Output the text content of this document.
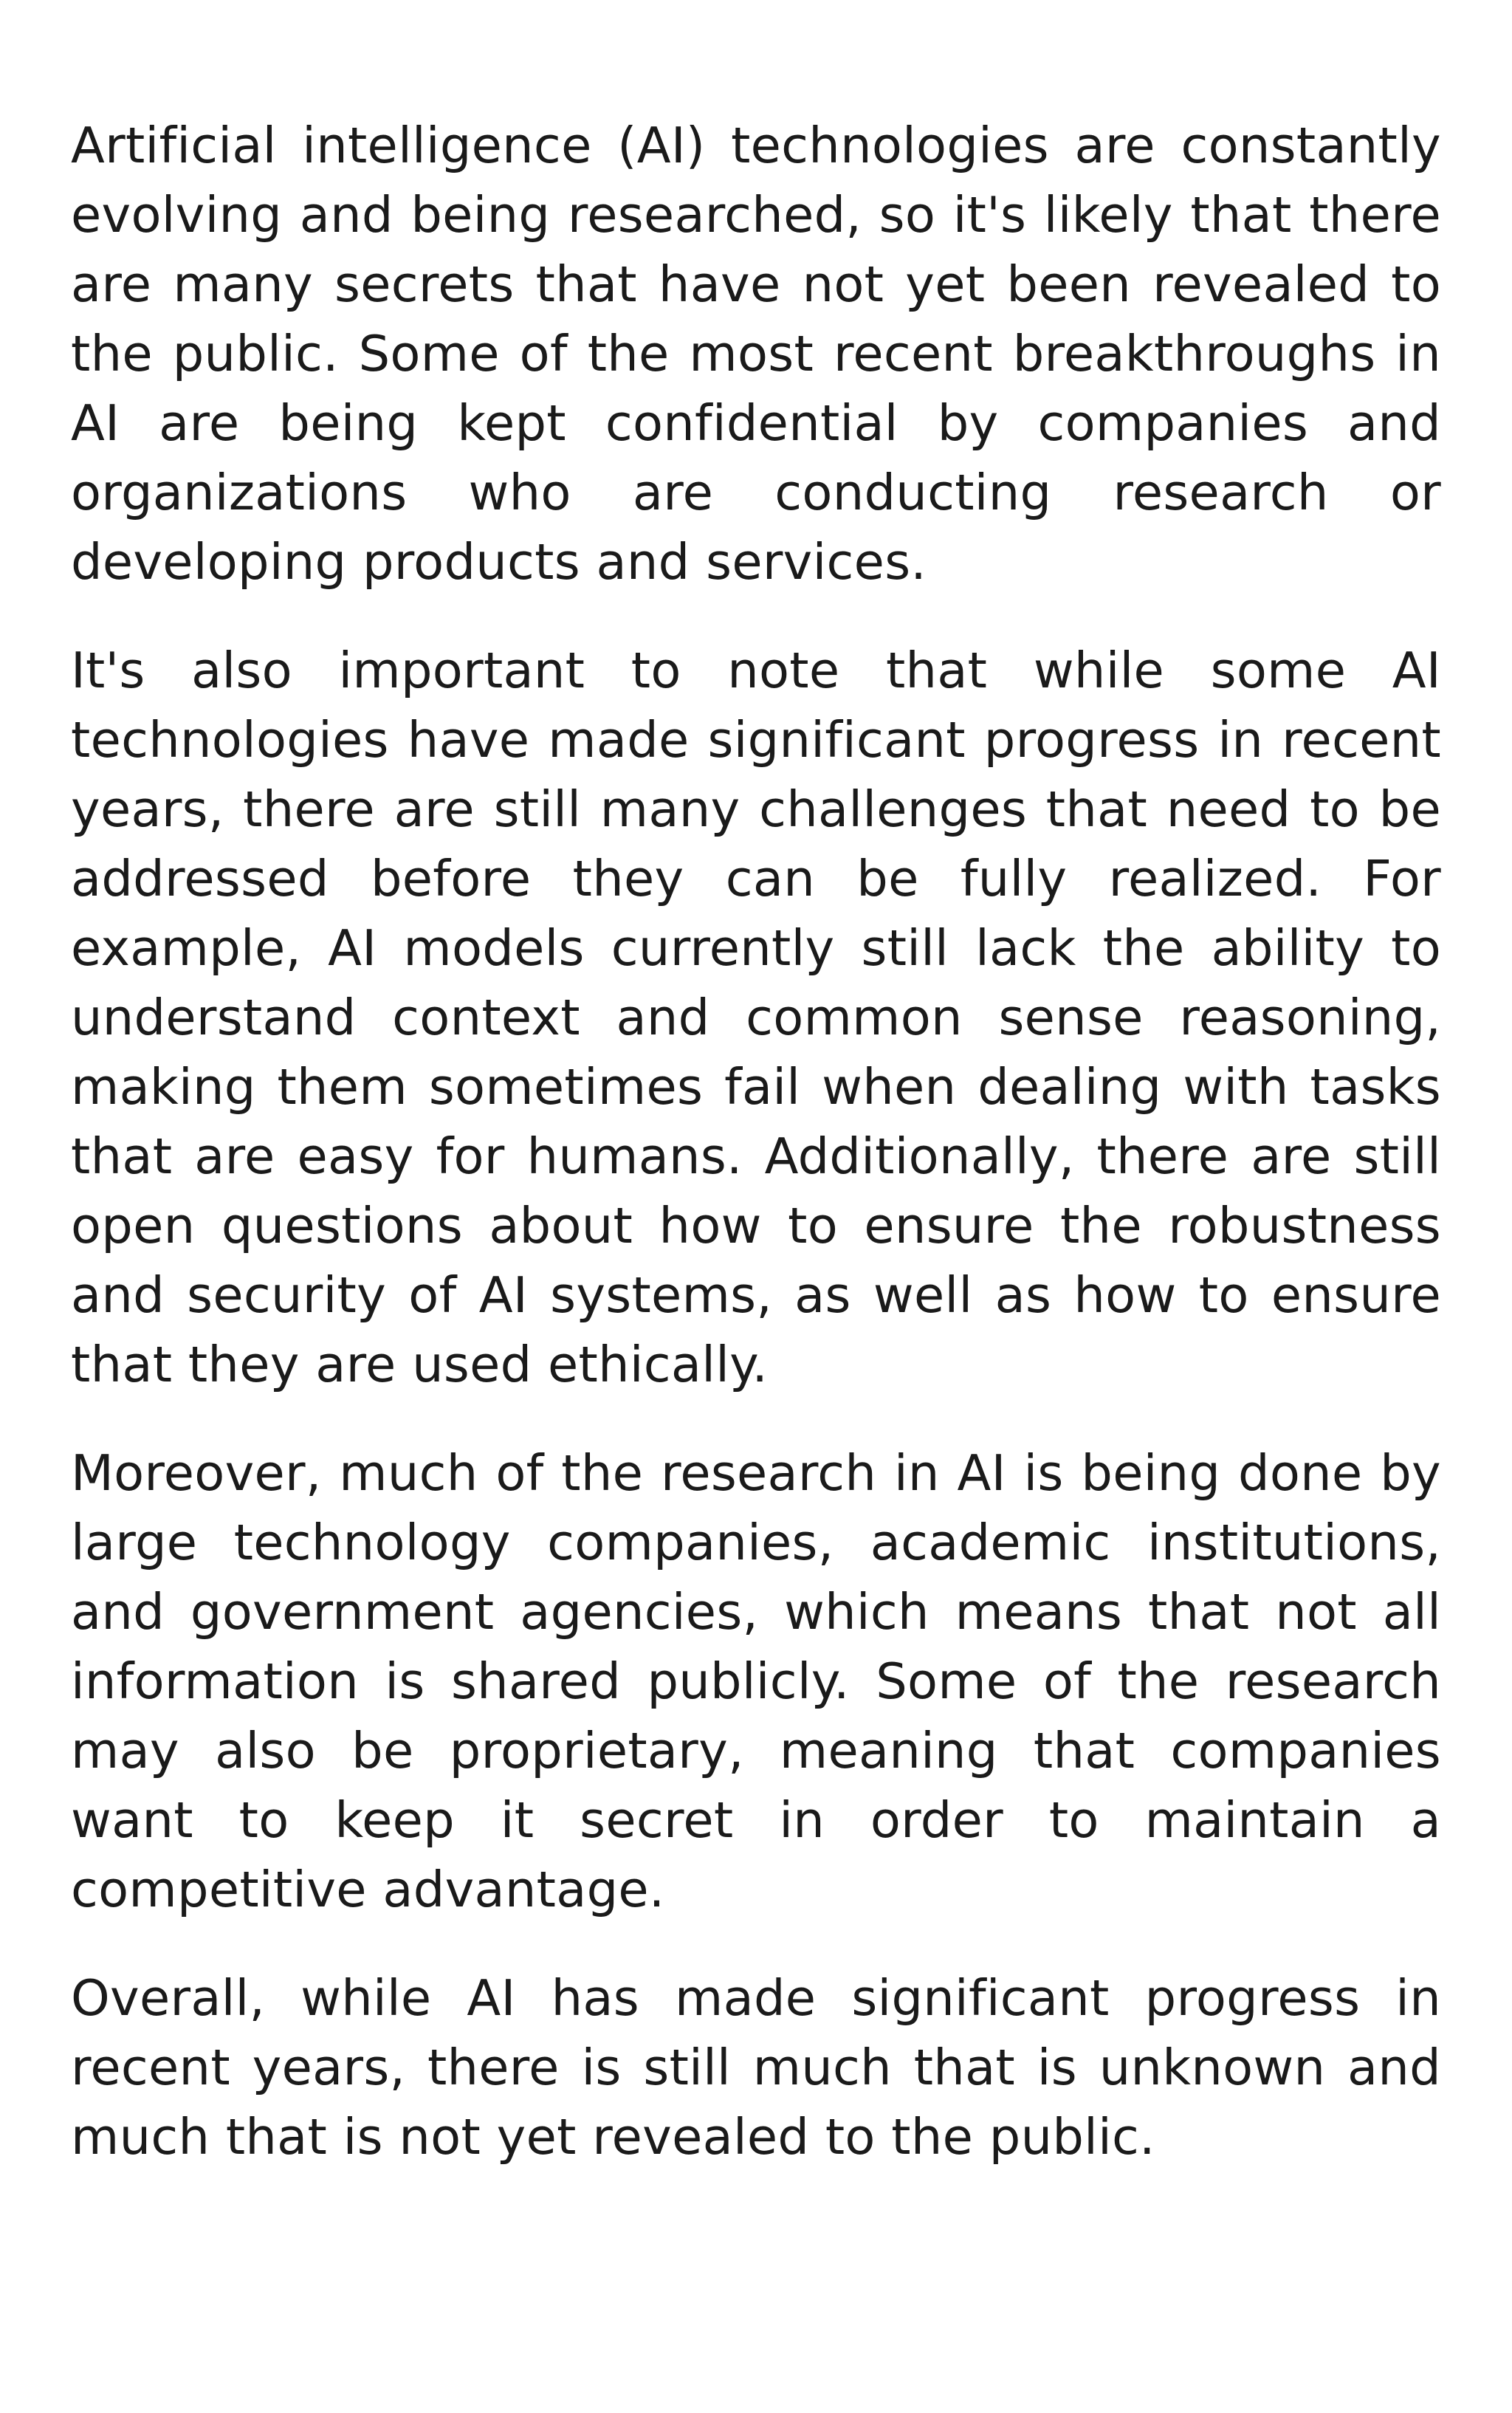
Artificial intelligence (AI) technologies are constantly evolving and being researched, so it's likely that there are many secrets that have not yet been revealed to the public. Some of the most recent breakthroughs in AI are being kept confidential by companies and organizations who are conducting research or developing products and services.

It's also important to note that while some AI technologies have made significant progress in recent years, there are still many challenges that need to be addressed before they can be fully realized. For example, AI models currently still lack the ability to understand context and common sense reasoning, making them sometimes fail when dealing with tasks that are easy for humans. Additionally, there are still open questions about how to ensure the robustness and security of AI systems, as well as how to ensure that they are used ethically.

Moreover, much of the research in AI is being done by large technology companies, academic institutions, and government agencies, which means that not all information is shared publicly. Some of the research may also be proprietary, meaning that companies want to keep it secret in order to maintain a competitive advantage.

Overall, while AI has made significant progress in recent years, there is still much that is unknown and much that is not yet revealed to the public.
